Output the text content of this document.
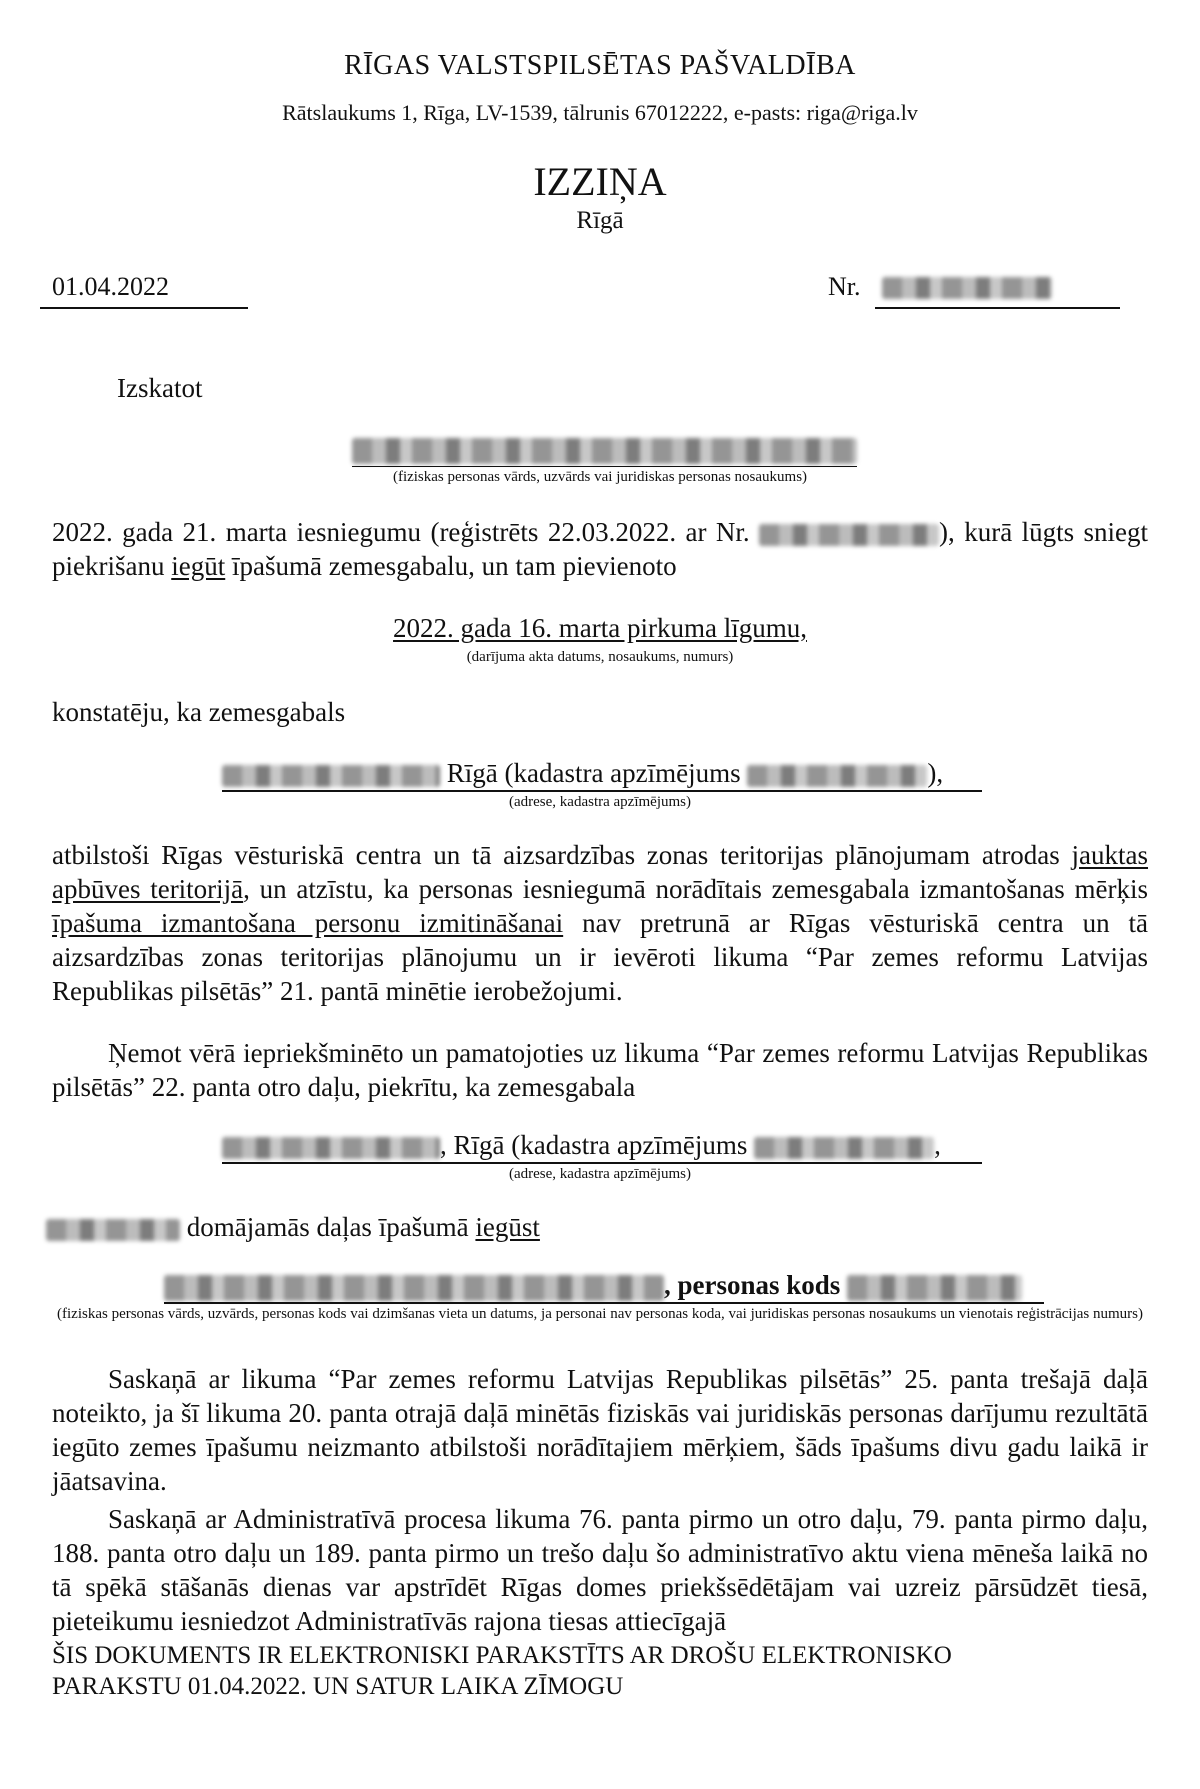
RĪGAS VALSTSPILSĒTAS PAŠVALDĪBA
Rātslaukums 1, Rīga, LV-1539, tālrunis 67012222, e-pasts: riga@riga.lv
IZZIŅA
Rīgā
01.04.2022	Nr.
Izskatot
(fiziskas personas vārds, uzvārds vai juridiskas personas nosaukums)
2022. gada 21. marta iesniegumu (reģistrēts 22.03.2022. ar Nr.	), kurā lūgts sniegt piekrišanu iegūt īpašumā zemesgabalu, un tam pievienoto
2022. gada 16. marta pirkuma līgumu,
(darījuma akta datums, nosaukums, numurs)
konstatēju, ka zemesgabals
Rīgā (kadastra apzīmējums	),
(adrese, kadastra apzīmējums)
atbilstoši Rīgas vēsturiskā centra un tā aizsardzības zonas teritorijas plānojumam atrodas jauktas apbūves teritorijā, un atzīstu, ka personas iesniegumā norādītais zemesgabala izmantošanas mērķis īpašuma izmantošana personu izmitināšanai nav pretrunā ar Rīgas vēsturiskā centra un tā aizsardzības zonas teritorijas plānojumu un ir ievēroti likuma “Par zemes reformu Latvijas Republikas pilsētās” 21. pantā minētie ierobežojumi.
Ņemot vērā iepriekšminēto un pamatojoties uz likuma “Par zemes reformu Latvijas Republikas pilsētās” 22. panta otro daļu, piekrītu, ka zemesgabala
, Rīgā (kadastra apzīmējums	,
(adrese, kadastra apzīmējums)
domājamās daļas īpašumā iegūst
, personas kods
(fiziskas personas vārds, uzvārds, personas kods vai dzimšanas vieta un datums, ja personai nav personas koda, vai juridiskas personas nosaukums un vienotais reģistrācijas numurs)
Saskaņā ar likuma “Par zemes reformu Latvijas Republikas pilsētās” 25. panta trešajā daļā noteikto, ja šī likuma 20. panta otrajā daļā minētās fiziskās vai juridiskās personas darījumu rezultātā iegūto zemes īpašumu neizmanto atbilstoši norādītajiem mērķiem, šāds īpašums divu gadu laikā ir jāatsavina.
Saskaņā ar Administratīvā procesa likuma 76. panta pirmo un otro daļu, 79. panta pirmo daļu, 188. panta otro daļu un 189. panta pirmo un trešo daļu šo administratīvo aktu viena mēneša laikā no tā spēkā stāšanās dienas var apstrīdēt Rīgas domes priekšsēdētājam vai uzreiz pārsūdzēt tiesā, pieteikumu iesniedzot Administratīvās rajona tiesas attiecīgajā
ŠIS DOKUMENTS IR ELEKTRONISKI PARAKSTĪTS AR DROŠU ELEKTRONISKO
PARAKSTU 01.04.2022. UN SATUR LAIKA ZĪMOGU
